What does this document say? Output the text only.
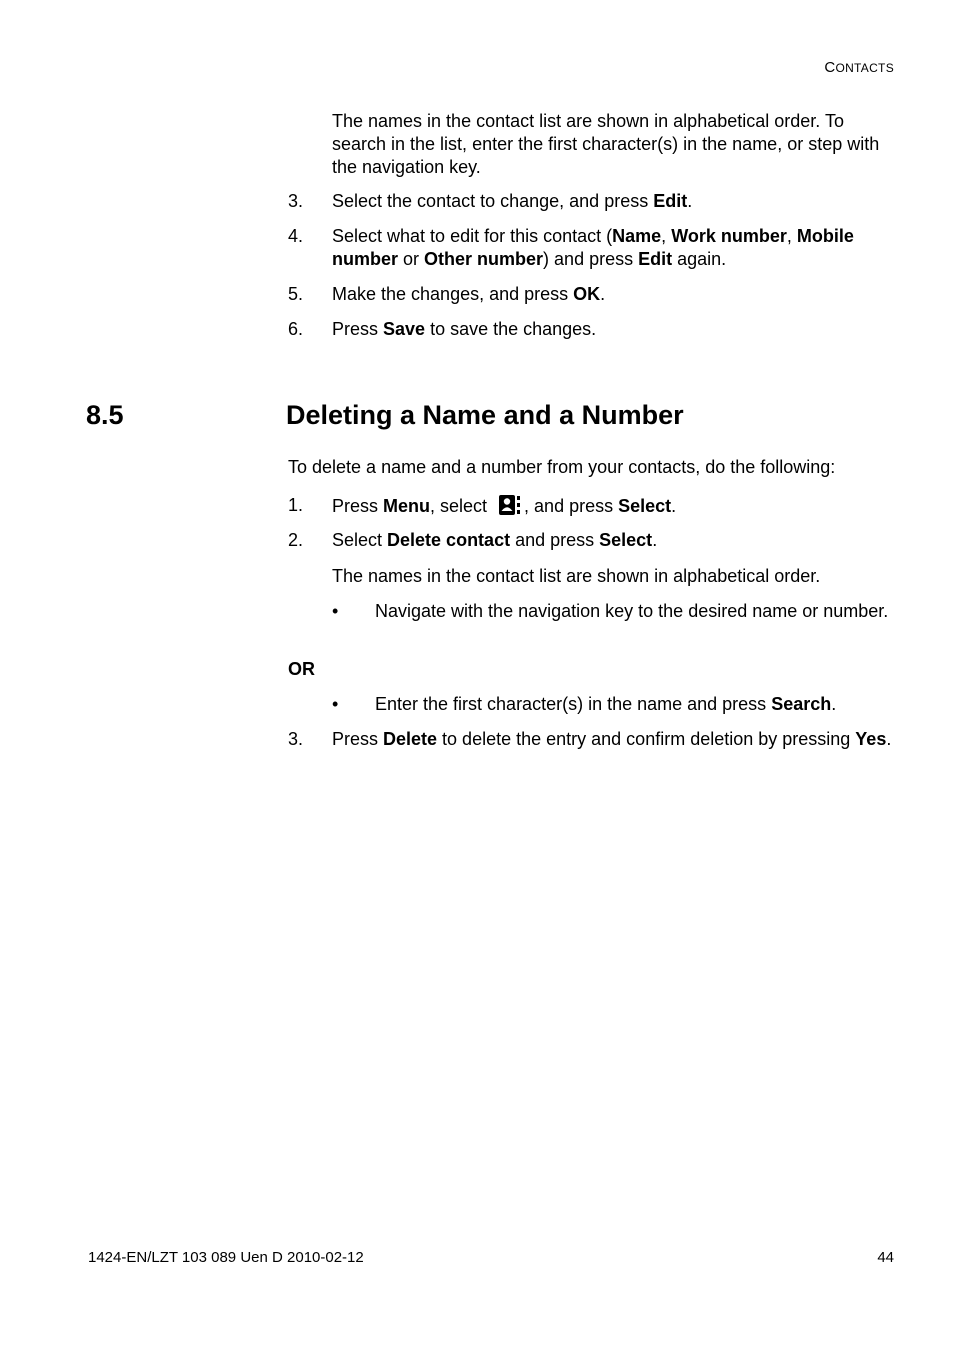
CONTACTS
The names in the contact list are shown in alphabetical order. To search in the list, enter the first character(s) in the name, or step with the navigation key.
3.	Select the contact to change, and press Edit.
4.	Select what to edit for this contact (Name, Work number, Mobile number or Other number) and press Edit again.
5.	Make the changes, and press OK.
6.	Press Save to save the changes.
8.5	Deleting a Name and a Number
To delete a name and a number from your contacts, do the following:
1.	Press Menu, select , and press Select.
2.	Select Delete contact and press Select.
The names in the contact list are shown in alphabetical order.
•	Navigate with the navigation key to the desired name or number.
OR
•	Enter the first character(s) in the name and press Search.
3.	Press Delete to delete the entry and confirm deletion by pressing Yes.
1424-EN/LZT 103 089 Uen D 2010-02-12	44
